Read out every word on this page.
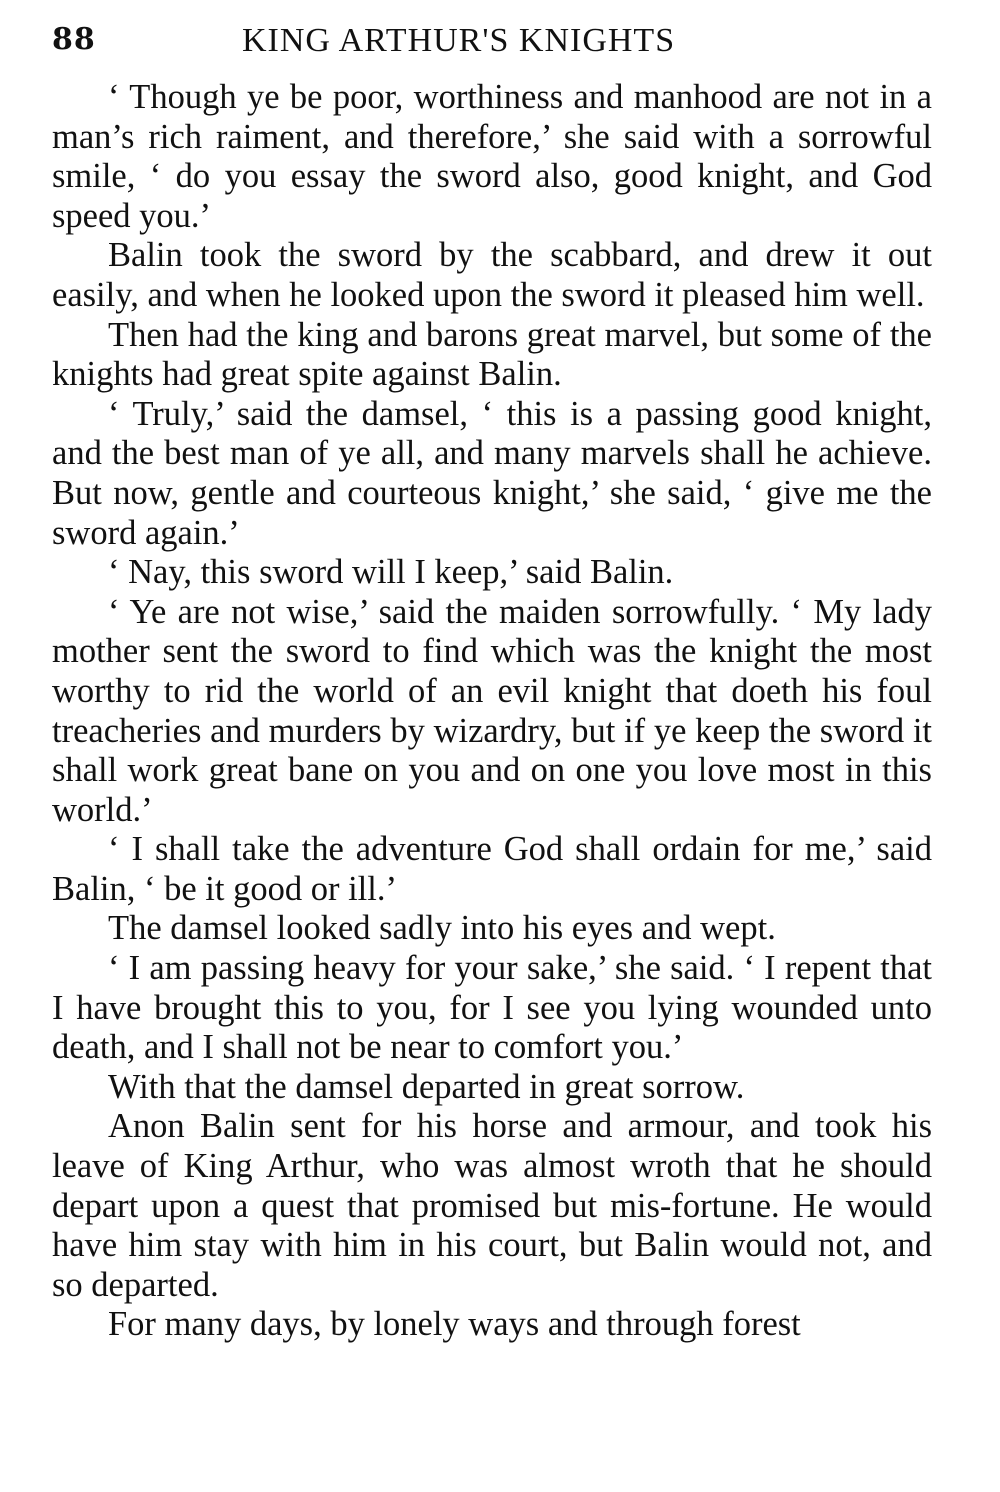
88	KING ARTHUR'S KNIGHTS

‘ Though ye be poor, worthiness and manhood are not in a man’s rich raiment, and therefore,’ she said with a sorrowful smile, ‘ do you essay the sword also, good knight, and God speed you.’

Balin took the sword by the scabbard, and drew it out easily, and when he looked upon the sword it pleased him well.

Then had the king and barons great marvel, but some of the knights had great spite against Balin.

‘ Truly,’ said the damsel, ‘ this is a passing good knight, and the best man of ye all, and many marvels shall he achieve. But now, gentle and courteous knight,’ she said, ‘ give me the sword again.’

‘ Nay, this sword will I keep,’ said Balin.

‘ Ye are not wise,’ said the maiden sorrowfully. ‘ My lady mother sent the sword to find which was the knight the most worthy to rid the world of an evil knight that doeth his foul treacheries and murders by wizardry, but if ye keep the sword it shall work great bane on you and on one you love most in this world.’

‘ I shall take the adventure God shall ordain for me,’ said Balin, ‘ be it good or ill.’

The damsel looked sadly into his eyes and wept.

‘ I am passing heavy for your sake,’ she said. ‘ I repent that I have brought this to you, for I see you lying wounded unto death, and I shall not be near to comfort you.’

With that the damsel departed in great sorrow.

Anon Balin sent for his horse and armour, and took his leave of King Arthur, who was almost wroth that he should depart upon a quest that promised but mis-fortune. He would have him stay with him in his court, but Balin would not, and so departed.

For many days, by lonely ways and through forest
